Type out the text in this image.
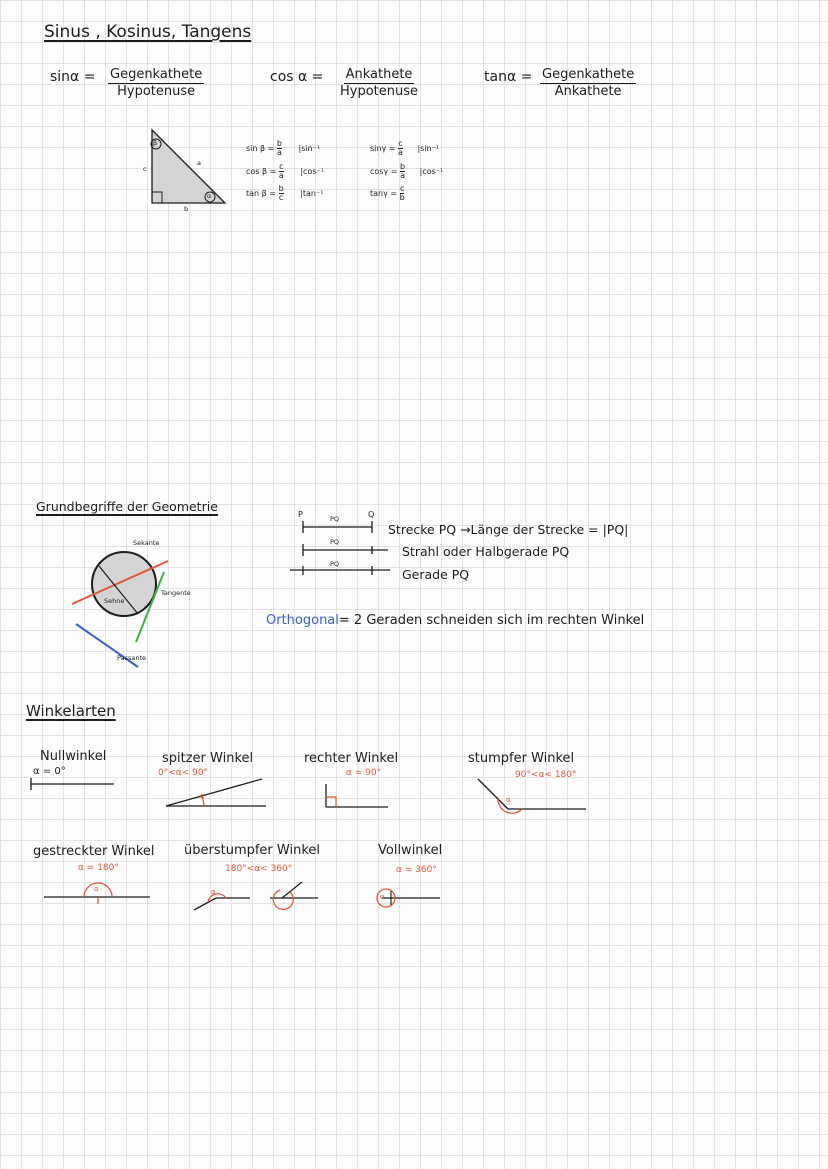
Sinus , Kosinus, Tangens
sinα = Gegenkathete
Hypotenuse
cos α = Ankathete
Hypotenuse
tanα = Gegenkathete
Ankathete
a
b
c
β
α
$\sin \beta = \frac{b}{a} |\sin^{-1}$
$\cos \beta = \frac{c}{a} |\cos^{-1}$
$\tan \beta = \frac{b}{c} |\tan^{-1}$
$\sin\gamma = \frac{c}{a} |\sin^{-1}$
$\cos\gamma = \frac{b}{a} |\cos^{-1}$
$\tan\gamma = \frac{c}{b}$
Grundbegriffe der Geometrie
Sekante
Sehne
Tangente
Passante
P	Q
PQ
PQ
PQ
Strecke PQ →Länge der Strecke = |PQ|
Strahl oder Halbgerade PQ
Gerade PQ
Orthogonal= 2 Geraden schneiden sich im rechten Winkel
Winkelarten
Nullwinkel
α = 0°
spitzer Winkel
0°<α< 90°
rechter Winkel
α = 90°
stumpfer Winkel
90°<α< 180°
gestreckter Winkel
α = 180°
überstumpfer Winkel
180°<α< 360°
Vollwinkel
α = 360°
α	α
α	α
α
